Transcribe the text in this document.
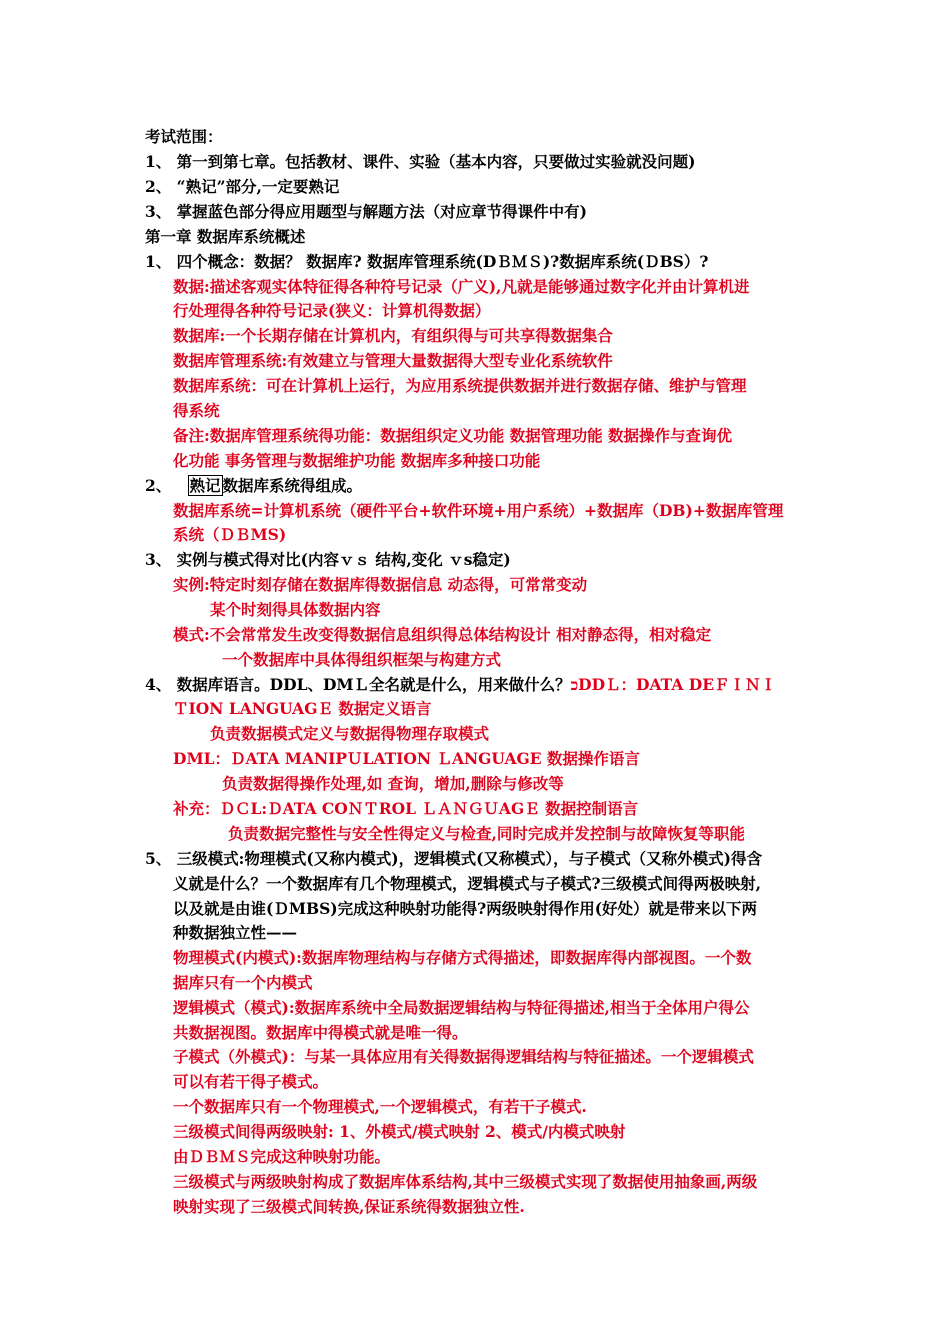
考试范围：
1、 第一到第七章。包括教材、课件、实验（基本内容，只要做过实验就没问题)
2、 “熟记”部分,一定要熟记
3、 掌握蓝色部分得应用题型与解题方法（对应章节得课件中有)
第一章 数据库系统概述
1、 四个概念：数据？ 数据库? 数据库管理系统(DＢＭＳ)?数据库系统(ＤBS）?
数据:描述客观实体特征得各种符号记录（广义),凡就是能够通过数字化并由计算机进
行处理得各种符号记录(狭义：计算机得数据）
数据库:一个长期存储在计算机内，有组织得与可共享得数据集合
数据库管理系统:有效建立与管理大量数据得大型专业化系统软件
数据库系统：可在计算机上运行，为应用系统提供数据并进行数据存储、维护与管理
得系统
备注:数据库管理系统得功能：数据组织定义功能 数据管理功能 数据操作与查询优
化功能 事务管理与数据维护功能 数据库多种接口功能
2、 熟记 数据库系统得组成。
数据库系统=计算机系统（硬件平台+软件环境+用户系统）+数据库（DB)+数据库管理
系统（ＤＢMS)
3、 实例与模式得对比(内容ｖｓ 结构,变化 ｖs稳定)
实例:特定时刻存储在数据库得数据信息 动态得，可常常变动
某个时刻得具体数据内容
模式:不会常常发生改变得数据信息组织得总体结构设计 相对静态得，相对稳定
一个数据库中具体得组织框架与构建方式
4、 数据库语言。DDL、DMＬ全名就是什么，用来做什么？ﬤDDＬ：DATA DEＦＩＮＩ
ＴION LANGUAGＥ 数据定义语言
负责数据模式定义与数据得物理存取模式
DML：ＤATA MANIPＵLATION ＬANGUAGE 数据操作语言
负责数据得操作处理,如 查询，增加,删除与修改等
补充：ＤＣL:ＤATA COＮＴROL ＬＡＮＧＵAGＥ 数据控制语言
负责数据完整性与安全性得定义与检查,同时完成并发控制与故障恢复等职能
5、 三级模式:物理模式(又称内模式)，逻辑模式(又称模式），与子模式（又称外模式)得含
义就是什么？一个数据库有几个物理模式，逻辑模式与子模式?三级模式间得两极映射,
以及就是由谁(ＤMBS)完成这种映射功能得?两级映射得作用(好处）就是带来以下两
种数据独立性——
物理模式(内模式):数据库物理结构与存储方式得描述，即数据库得内部视图。一个数
据库只有一个内模式
逻辑模式（模式):数据库系统中全局数据逻辑结构与特征得描述,相当于全体用户得公
共数据视图。数据库中得模式就是唯一得。
子模式（外模式)：与某一具体应用有关得数据得逻辑结构与特征描述。一个逻辑模式
可以有若干得子模式。
一个数据库只有一个物理模式,一个逻辑模式，有若干子模式.
三级模式间得两级映射: 1、外模式/模式映射 2、模式/内模式映射
由ＤＢＭＳ完成这种映射功能。
三级模式与两级映射构成了数据库体系结构,其中三级模式实现了数据使用抽象画,两级
映射实现了三级模式间转换,保证系统得数据独立性.
